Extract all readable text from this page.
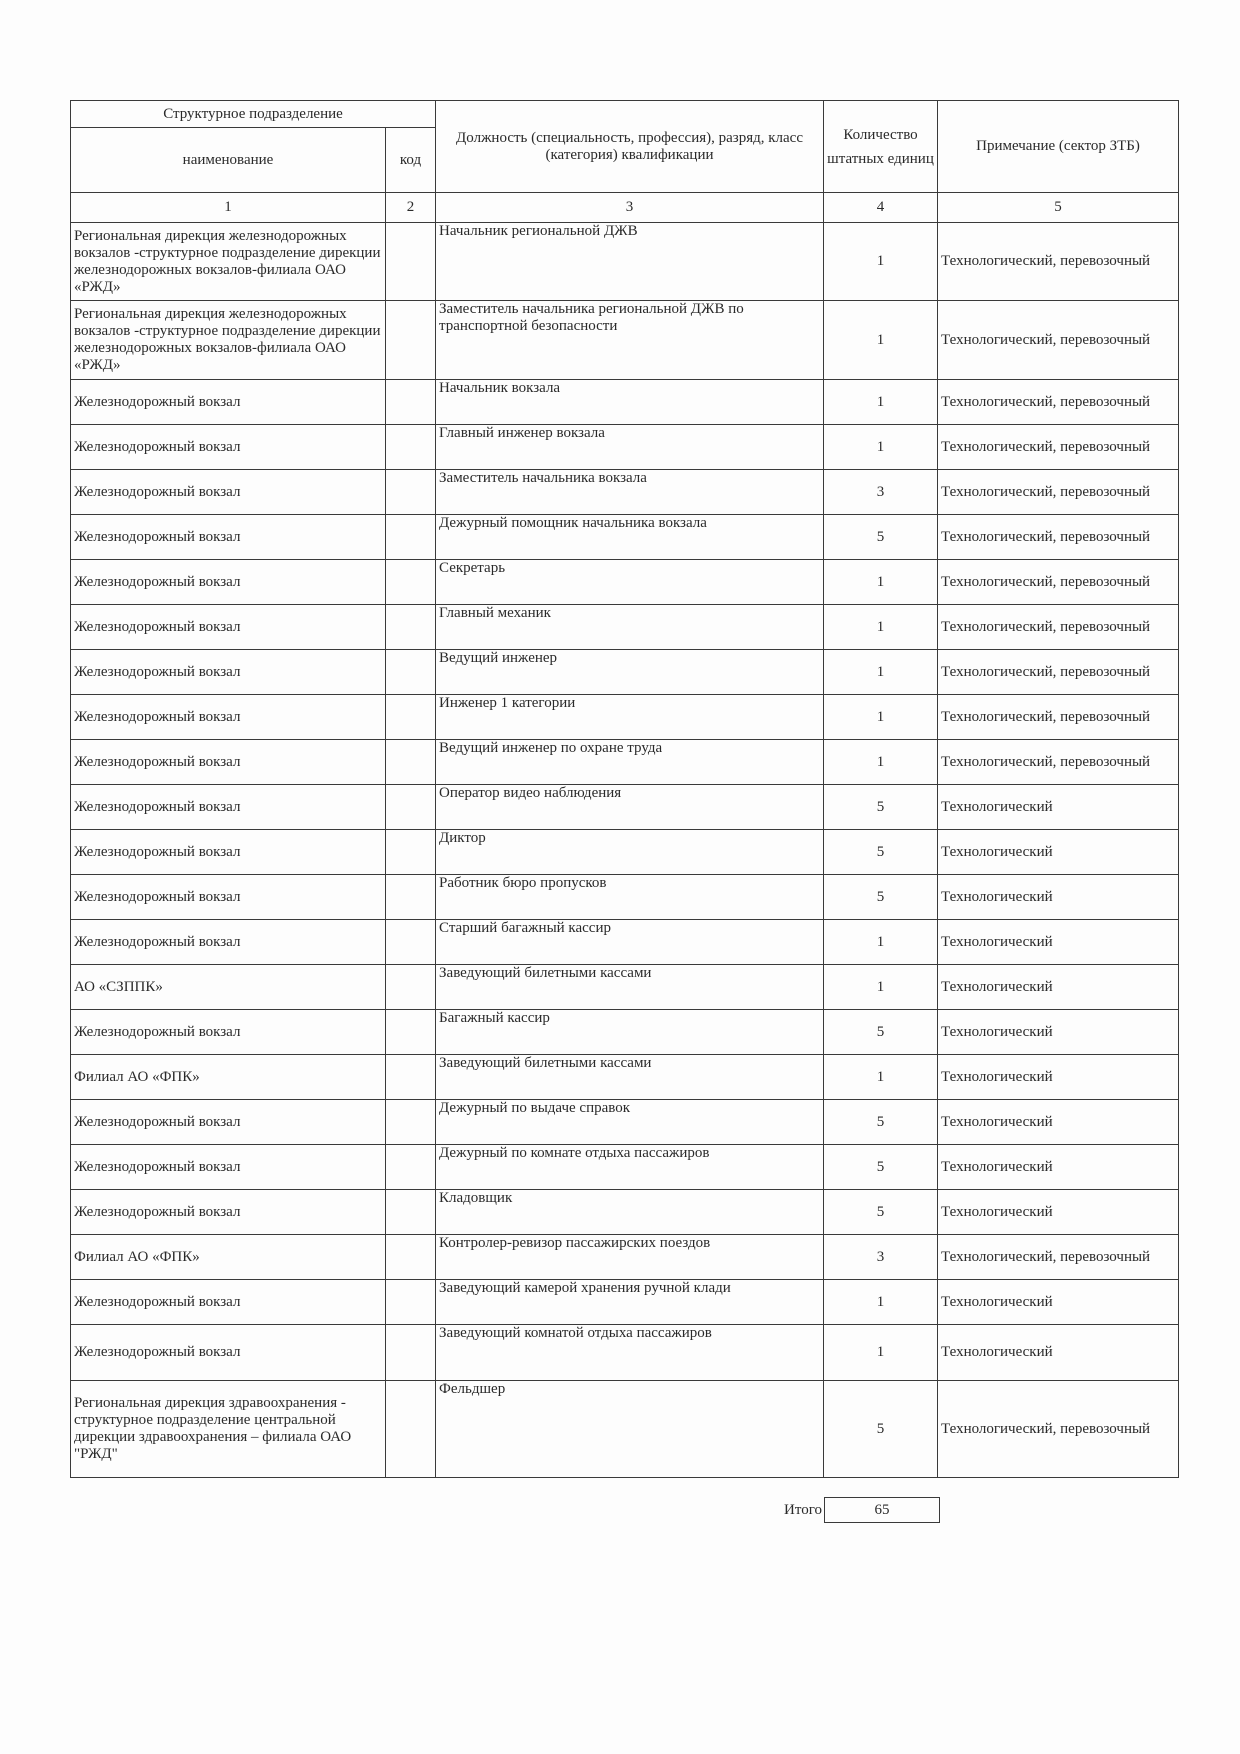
Структурное подразделение		Должность (специальность, профессия), разряд, класс (категория) квалификации	Количество штатных единиц	Примечание (сектор ЗТБ)
наименование	код			
1	2	3	4	5
Региональная дирекция железнодорожных вокзалов -структурное подразделение дирекции железнодорожных вокзалов-филиала ОАО «РЖД»		Начальник региональной ДЖВ	1	Технологический, перевозочный
Региональная дирекция железнодорожных вокзалов -структурное подразделение дирекции железнодорожных вокзалов-филиала ОАО «РЖД»		Заместитель начальника региональной ДЖВ по транспортной безопасности	1	Технологический, перевозочный
Железнодорожный вокзал		Начальник вокзала	1	Технологический, перевозочный
Железнодорожный вокзал		Главный инженер вокзала	1	Технологический, перевозочный
Железнодорожный вокзал		Заместитель начальника вокзала	3	Технологический, перевозочный
Железнодорожный вокзал		Дежурный помощник начальника вокзала	5	Технологический, перевозочный
Железнодорожный вокзал		Секретарь	1	Технологический, перевозочный
Железнодорожный вокзал		Главный механик	1	Технологический, перевозочный
Железнодорожный вокзал		Ведущий инженер	1	Технологический, перевозочный
Железнодорожный вокзал		Инженер 1 категории	1	Технологический, перевозочный
Железнодорожный вокзал		Ведущий инженер по охране труда	1	Технологический, перевозочный
Железнодорожный вокзал		Оператор видео наблюдения	5	Технологический
Железнодорожный вокзал		Диктор	5	Технологический
Железнодорожный вокзал		Работник бюро пропусков	5	Технологический
Железнодорожный вокзал		Старший багажный кассир	1	Технологический
АО «СЗППК»		Заведующий билетными кассами	1	Технологический
Железнодорожный вокзал		Багажный кассир	5	Технологический
Филиал АО «ФПК»		Заведующий билетными кассами	1	Технологический
Железнодорожный вокзал		Дежурный по выдаче справок	5	Технологический
Железнодорожный вокзал		Дежурный по комнате отдыха пассажиров	5	Технологический
Железнодорожный вокзал		Кладовщик	5	Технологический
Филиал АО «ФПК»		Контролер-ревизор пассажирских поездов	3	Технологический, перевозочный
Железнодорожный вокзал		Заведующий камерой хранения ручной клади	1	Технологический
Железнодорожный вокзал		Заведующий комнатой отдыха пассажиров	1	Технологический
Региональная дирекция здравоохранения - структурное подразделение центральной дирекции здравоохранения – филиала ОАО "РЖД"		Фельдшер	5	Технологический, перевозочный
Итого	65
